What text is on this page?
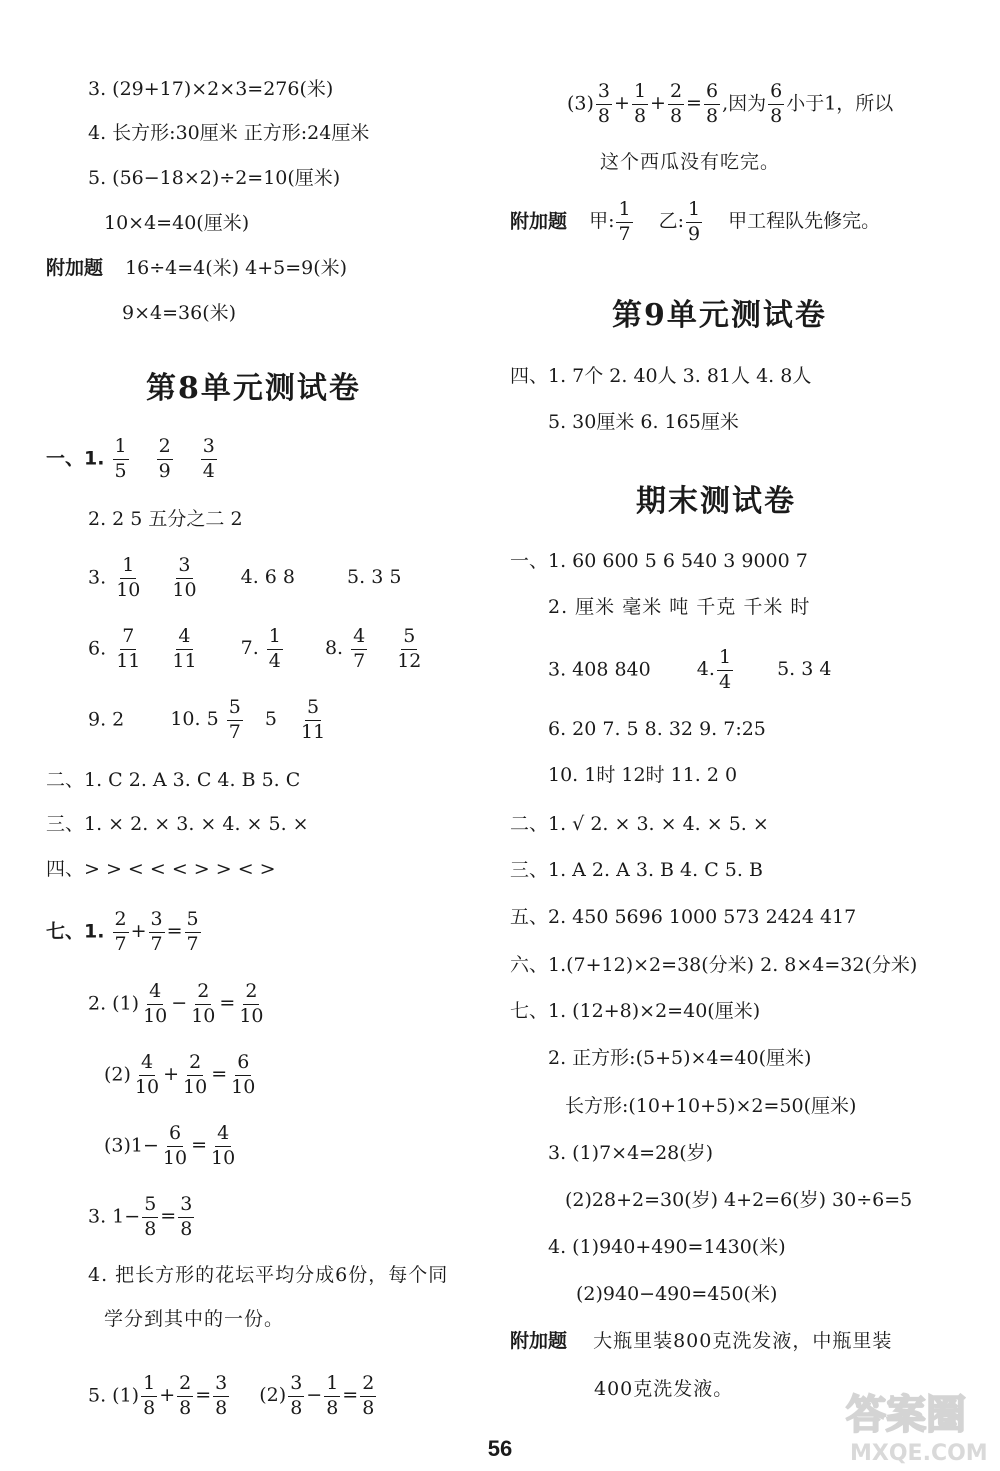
3. (29+17)×2×3=276(米)
4. 长方形:30厘米 正方形:24厘米
5. (56−18×2)÷2=10(厘米)
10×4=40(厘米)
附加题 16÷4=4(米) 4+5=9(米)
9×4=36(米)
第8单元测试卷
一、1. $\frac{1}{5} \frac{2}{9} \frac{3}{4}$
2. 2 5 五分之二 2
3. $\frac{1}{10} \frac{3}{10} 4$. 6 8	5. 3 5
6. $\frac{7}{11} \frac{4}{11} 7$. $\frac{1}{4} 8$. $\frac{4}{7} \frac{5}{12}$
9. 2 10. $5 \frac{5}{7} 5 \frac{5}{11}$
二、1. C 2. A 3. C 4. B 5. C
三、1. × 2. × 3. × 4. × 5. ×
四、> > < < < > > < >
七、1. $\frac{2}{7} + \frac{3}{7} = \frac{5}{7}$
2. $(1) \frac{4}{10} - \frac{2}{10} = \frac{2}{10}$
$(2) \frac{4}{10} + \frac{2}{10} = \frac{6}{10}$
$(3)1- \frac{6}{10} = \frac{4}{10}$
3. $1- \frac{5}{8} = \frac{3}{8}$
4. 把长方形的花坛平均分成6份，每个同
学分到其中的一份。
5. $(1) \frac{1}{8} + \frac{2}{8} = \frac{3}{8} (2) \frac{3}{8} - \frac{1}{8} = \frac{2}{8}$
$(3) \frac{3}{8} + \frac{1}{8} + \frac{2}{8} = \frac{6}{8}$ ,因为 $\frac{6}{8}$ 小于1，所以
这个西瓜没有吃完。
附加题 甲: $\frac{1}{7}$ 乙: $\frac{1}{9}$ 甲工程队先修完。
第9单元测试卷
四、1. 7个 2. 40人 3. 81人 4. 8人
5. 30厘米 6. 165厘米
期末测试卷
一、1. 60 600 5 6 540 3 9000 7
2. 厘米 毫米 吨 千克 千米 时
3. 408 840 4. $\frac{1}{4} 5$. 3 4
6. 20 7. 5 8. 32 9. 7:25
10. 1时 12时 11. 2 0
二、1. √ 2. × 3. × 4. × 5. ×
三、1. A 2. A 3. B 4. C 5. B
五、2. 450 5696 1000 573 2424 417
六、1.(7+12)×2=38(分米) 2. 8×4=32(分米)
七、1. (12+8)×2=40(厘米)
2. 正方形:(5+5)×4=40(厘米)
长方形:(10+10+5)×2=50(厘米)
3. (1)7×4=28(岁)
(2)28+2=30(岁) 4+2=6(岁) 30÷6=5
4. (1)940+490=1430(米)
(2)940−490=450(米)
附加题 大瓶里装800克洗发液，中瓶里装
400克洗发液。
56
答案圈
MXQE.COM
